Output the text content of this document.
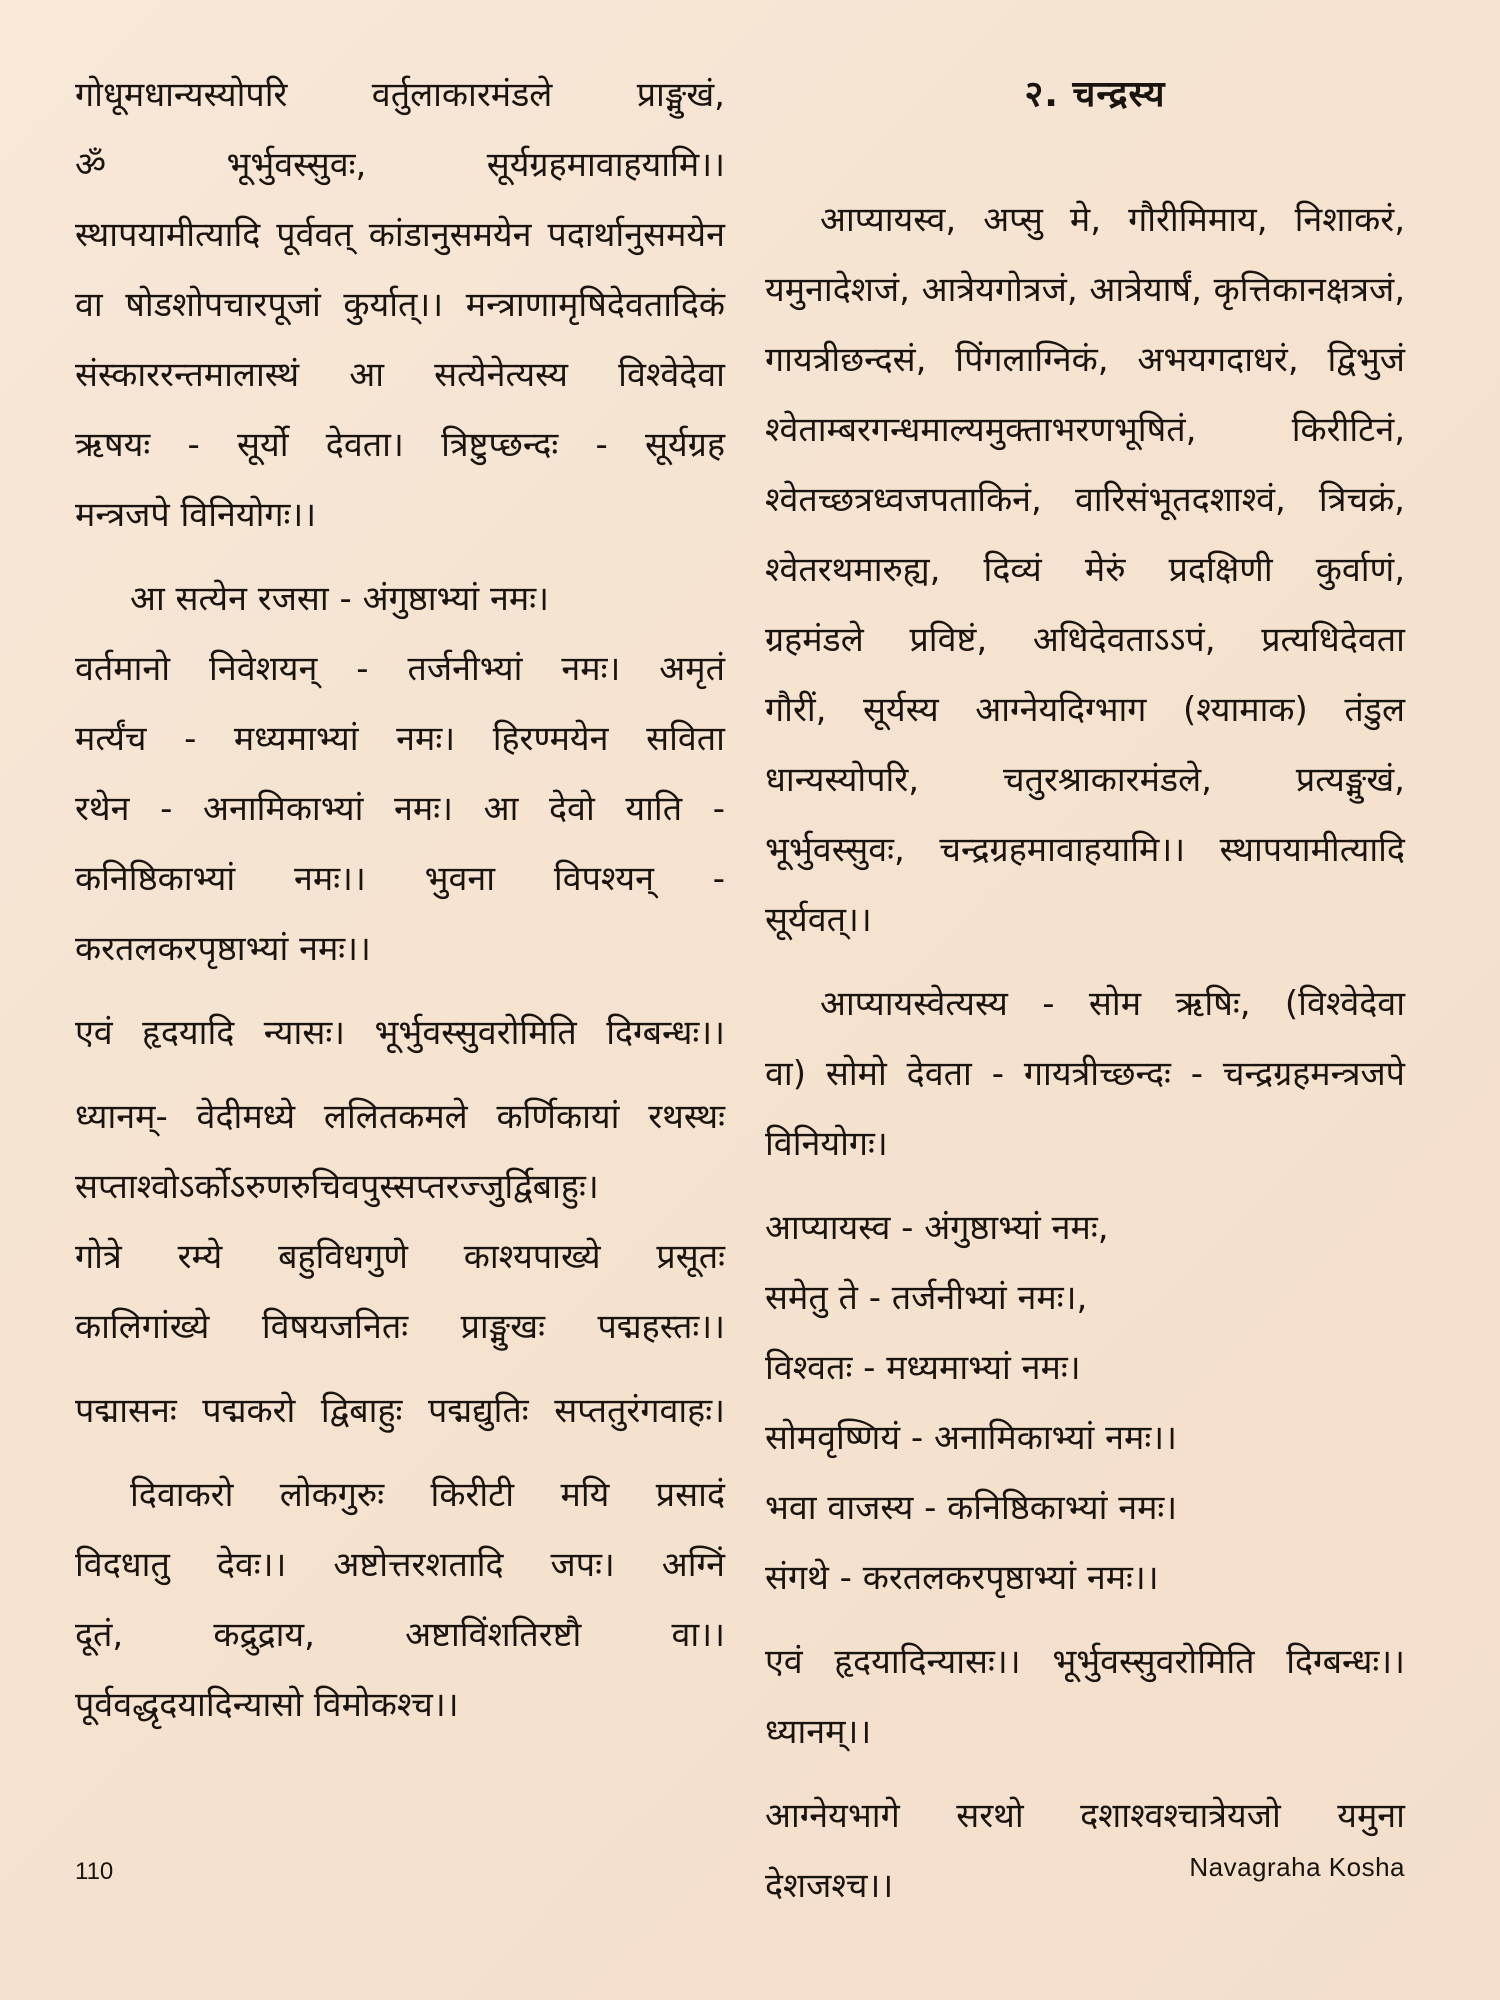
गोधूमधान्यस्योपरि वर्तुलाकारमंडले प्राङ्मुखं,
ॐ भूर्भुवस्सुवः, सूर्यग्रहमावाहयामि।।
स्थापयामीत्यादि पूर्ववत् कांडानुसमयेन पदार्थानुसमयेन
वा षोडशोपचारपूजां कुर्यात्।। मन्त्राणामृषिदेवतादिकं
संस्काररन्तमालास्थं आ सत्येनेत्यस्य विश्वेदेवा
ऋषयः - सूर्यो देवता। त्रिष्टुप्छन्दः - सूर्यग्रह
मन्त्रजपे विनियोगः।।
आ सत्येन रजसा - अंगुष्ठाभ्यां नमः।
वर्तमानो निवेशयन् - तर्जनीभ्यां नमः। अमृतं
मर्त्यंच - मध्यमाभ्यां नमः। हिरण्मयेन सविता
रथेन - अनामिकाभ्यां नमः। आ देवो याति -
कनिष्ठिकाभ्यां नमः।। भुवना विपश्यन् -
करतलकरपृष्ठाभ्यां नमः।।
एवं हृदयादि न्यासः। भूर्भुवस्सुवरोमिति दिग्बन्धः।।
ध्यानम्- वेदीमध्ये ललितकमले कर्णिकायां रथस्थः
सप्ताश्वोऽर्कोऽरुणरुचिवपुस्सप्तरज्जुर्द्विबाहुः।
गोत्रे रम्ये बहुविधगुणे काश्यपाख्ये प्रसूतः
कालिगांख्ये विषयजनितः प्राङ्मुखः पद्महस्तः।।
पद्मासनः पद्मकरो द्विबाहुः पद्मद्युतिः सप्ततुरंगवाहः।
दिवाकरो लोकगुरुः किरीटी मयि प्रसादं
विदधातु देवः।। अष्टोत्तरशतादि जपः। अग्निं
दूतं, कद्रुद्राय, अष्टाविंशतिरष्टौ वा।।
पूर्ववद्धृदयादिन्यासो विमोकश्च।।
२. चन्द्रस्य
आप्यायस्व, अप्सु मे, गौरीमिमाय, निशाकरं,
यमुनादेशजं, आत्रेयगोत्रजं, आत्रेयार्षं, कृत्तिकानक्षत्रजं,
गायत्रीछन्दसं, पिंगलाग्निकं, अभयगदाधरं, द्विभुजं
श्वेताम्बरगन्धमाल्यमुक्ताभरणभूषितं, किरीटिनं,
श्वेतच्छत्रध्वजपताकिनं, वारिसंभूतदशाश्वं, त्रिचक्रं,
श्वेतरथमारुह्य, दिव्यं मेरुं प्रदक्षिणी कुर्वाणं,
ग्रहमंडले प्रविष्टं, अधिदेवताऽऽपं, प्रत्यधिदेवता
गौरीं, सूर्यस्य आग्नेयदिग्भाग (श्यामाक) तंडुल
धान्यस्योपरि, चतुरश्राकारमंडले, प्रत्यङ्मुखं,
भूर्भुवस्सुवः, चन्द्रग्रहमावाहयामि।। स्थापयामीत्यादि
सूर्यवत्।।
आप्यायस्वेत्यस्य - सोम ऋषिः, (विश्वेदेवा
वा) सोमो देवता - गायत्रीच्छन्दः - चन्द्रग्रहमन्त्रजपे
विनियोगः।
आप्यायस्व - अंगुष्ठाभ्यां नमः,
समेतु ते - तर्जनीभ्यां नमः।,
विश्वतः - मध्यमाभ्यां नमः।
सोमवृष्णियं - अनामिकाभ्यां नमः।।
भवा वाजस्य - कनिष्ठिकाभ्यां नमः।
संगथे - करतलकरपृष्ठाभ्यां नमः।।
एवं हृदयादिन्यासः।। भूर्भुवस्सुवरोमिति दिग्बन्धः।।
ध्यानम्।।
आग्नेयभागे सरथो दशाश्वश्चात्रेयजो यमुना
देशजश्च।।
110	Navagraha Kosha
